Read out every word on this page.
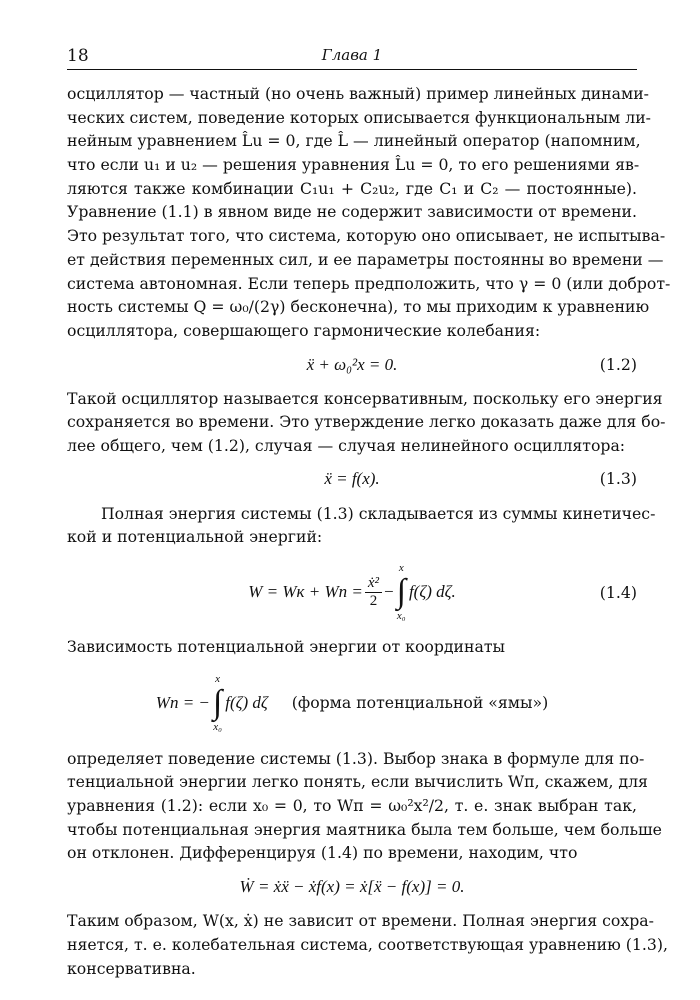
18	Глава 1
осциллятор — частный (но очень важный) пример линейных динами-
ческих систем, поведение которых описывается функциональным ли-
нейным уравнением L̂u = 0, где L̂ — линейный оператор (напомним,
что если u₁ и u₂ — решения уравнения L̂u = 0, то его решениями яв-
ляются также комбинации C₁u₁ + C₂u₂, где C₁ и C₂ — постоянные).
Уравнение (1.1) в явном виде не содержит зависимости от времени.
Это результат того, что система, которую оно описывает, не испытыва-
ет действия переменных сил, и ее параметры постоянны во времени —
система автономная. Если теперь предположить, что γ = 0 (или доброт-
ность системы Q = ω₀/(2γ) бесконечна), то мы приходим к уравнению
осциллятора, совершающего гармонические колебания:
ẍ + ω₀²x = 0.	(1.2)
Такой осциллятор называется консервативным, поскольку его энергия
сохраняется во времени. Это утверждение легко доказать даже для бо-
лее общего, чем (1.2), случая — случая нелинейного осциллятора:
ẍ = f(x).	(1.3)
Полная энергия системы (1.3) складывается из суммы кинетичес-
кой и потенциальной энергий:
W = Wк + Wп = $\frac{\text{ẋ²}}{2}$ −
x
∫
x₀
f(ζ) dζ.	(1.4)
Зависимость потенциальной энергии от координаты
Wп = −
x
∫
x₀
f(ζ) dζ (форма потенциальной «ямы»)
определяет поведение системы (1.3). Выбор знака в формуле для по-
тенциальной энергии легко понять, если вычислить Wп, скажем, для
уравнения (1.2): если x₀ = 0, то Wп = ω₀²x²/2, т. е. знак выбран так,
чтобы потенциальная энергия маятника была тем больше, чем больше
он отклонен. Дифференцируя (1.4) по времени, находим, что
Ẇ = ẋẍ − ẋf(x) = ẋ[ẍ − f(x)] = 0.
Таким образом, W(x, ẋ) не зависит от времени. Полная энергия сохра-
няется, т. е. колебательная система, соответствующая уравнению (1.3),
консервативна.
